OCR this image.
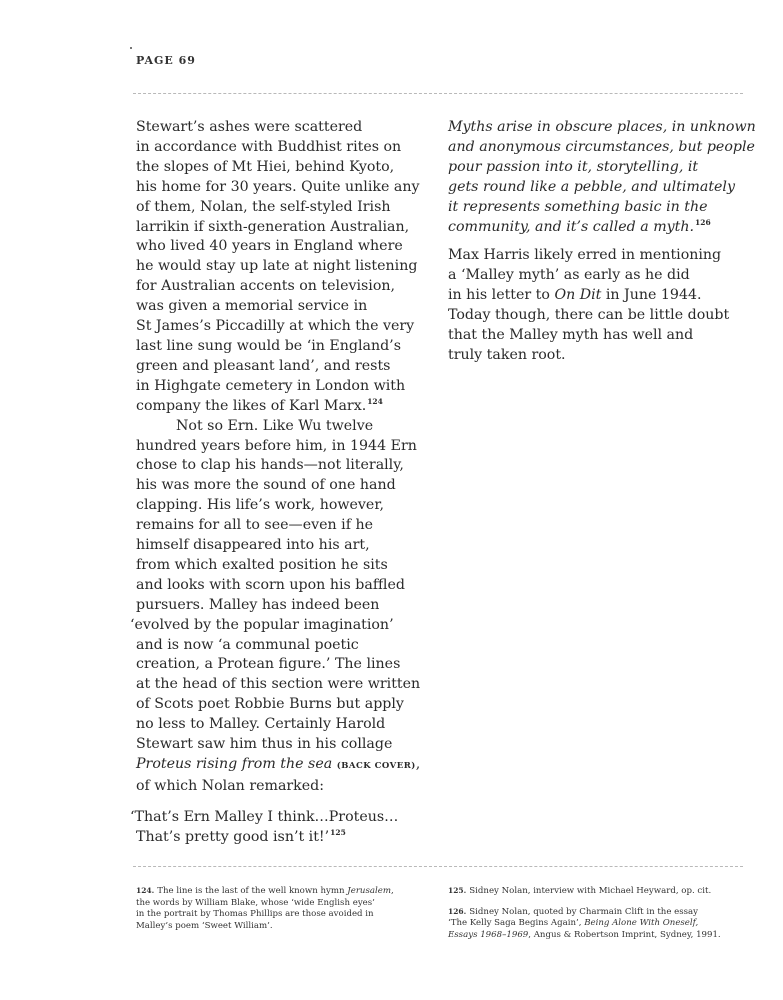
PAGE 69
Stewart’s ashes were scattered
in accordance with Buddhist rites on
the slopes of Mt Hiei, behind Kyoto,
his home for 30 years. Quite unlike any
of them, Nolan, the self-styled Irish
larrikin if sixth-generation Australian,
who lived 40 years in England where
he would stay up late at night listening
for Australian accents on television,
was given a memorial service in
St James’s Piccadilly at which the very
last line sung would be ‘in England’s
green and pleasant land’, and rests
in Highgate cemetery in London with
company the likes of Karl Marx.$^{124}$
Not so Ern. Like Wu twelve
hundred years before him, in 1944 Ern
chose to clap his hands—not literally,
his was more the sound of one hand
clapping. His life’s work, however,
remains for all to see—even if he
himself disappeared into his art,
from which exalted position he sits
and looks with scorn upon his baffled
pursuers. Malley has indeed been
‘evolved by the popular imagination’
and is now ‘a communal poetic
creation, a Protean figure.’ The lines
at the head of this section were written
of Scots poet Robbie Burns but apply
no less to Malley. Certainly Harold
Stewart saw him thus in his collage
Proteus rising from the sea (BACK COVER),
of which Nolan remarked:
‘That’s Ern Malley I think…Proteus…
That’s pretty good isn’t it!’$^{125}$
Myths arise in obscure places, in unknown
and anonymous circumstances, but people
pour passion into it, storytelling, it
gets round like a pebble, and ultimately
it represents something basic in the
community, and it’s called a myth.$^{126}$
Max Harris likely erred in mentioning
a ‘Malley myth’ as early as he did
in his letter to On Dit in June 1944.
Today though, there can be little doubt
that the Malley myth has well and
truly taken root.
124. The line is the last of the well known hymn Jerusalem,
the words by William Blake, whose ‘wide English eyes’
in the portrait by Thomas Phillips are those avoided in
Malley’s poem ‘Sweet William’.
125. Sidney Nolan, interview with Michael Heyward, op. cit.
126. Sidney Nolan, quoted by Charmain Clift in the essay
‘The Kelly Saga Begins Again’, Being Alone With Oneself,
Essays 1968–1969, Angus & Robertson Imprint, Sydney, 1991.
